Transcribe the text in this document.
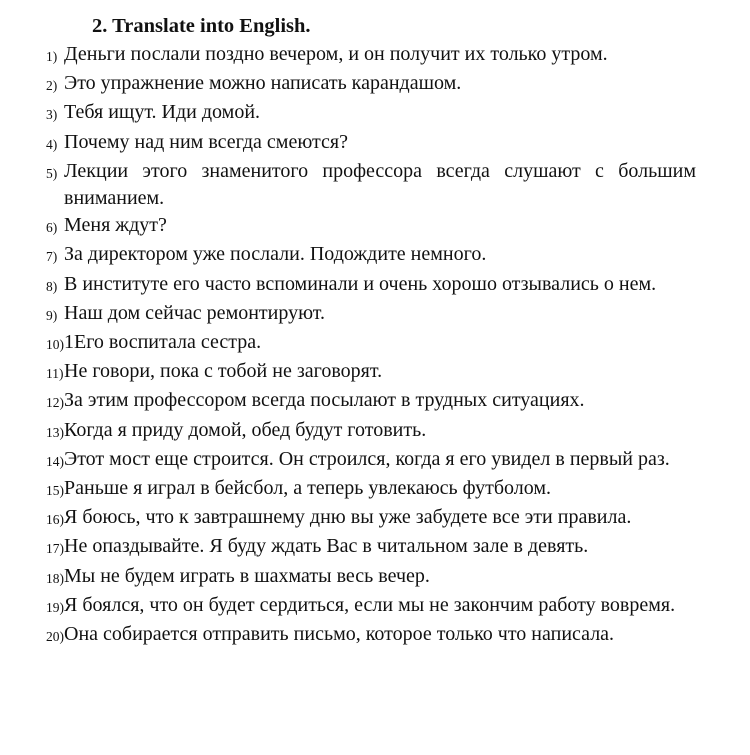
2. Translate into English.
1) Деньги послали поздно вечером, и он получит их только утром.
2) Это упражнение можно написать карандашом.
3) Тебя ищут. Иди домой.
4) Почему над ним всегда смеются?
5) Лекции этого знаменитого профессора всегда слушают с большим вниманием.
6) Меня ждут?
7) За директором уже послали. Подождите немного.
8) В институте его часто вспоминали и очень хорошо отзывались о нем.
9) Наш дом сейчас ремонтируют.
10) 1Его воспитала сестра.
11) Не говори, пока с тобой не заговорят.
12) За этим профессором всегда посылают в трудных ситуациях.
13) Когда я приду домой, обед будут готовить.
14) Этот мост еще строится. Он строился, когда я его увидел в первый раз.
15) Раньше я играл в бейсбол, а теперь увлекаюсь футболом.
16) Я боюсь, что к завтрашнему дню вы уже забудете все эти правила.
17) Не опаздывайте. Я буду ждать Вас в читальном зале в девять.
18) Мы не будем играть в шахматы весь вечер.
19) Я боялся, что он будет сердиться, если мы не закончим работу вовремя.
20) Она собирается отправить письмо, которое только что написала.
